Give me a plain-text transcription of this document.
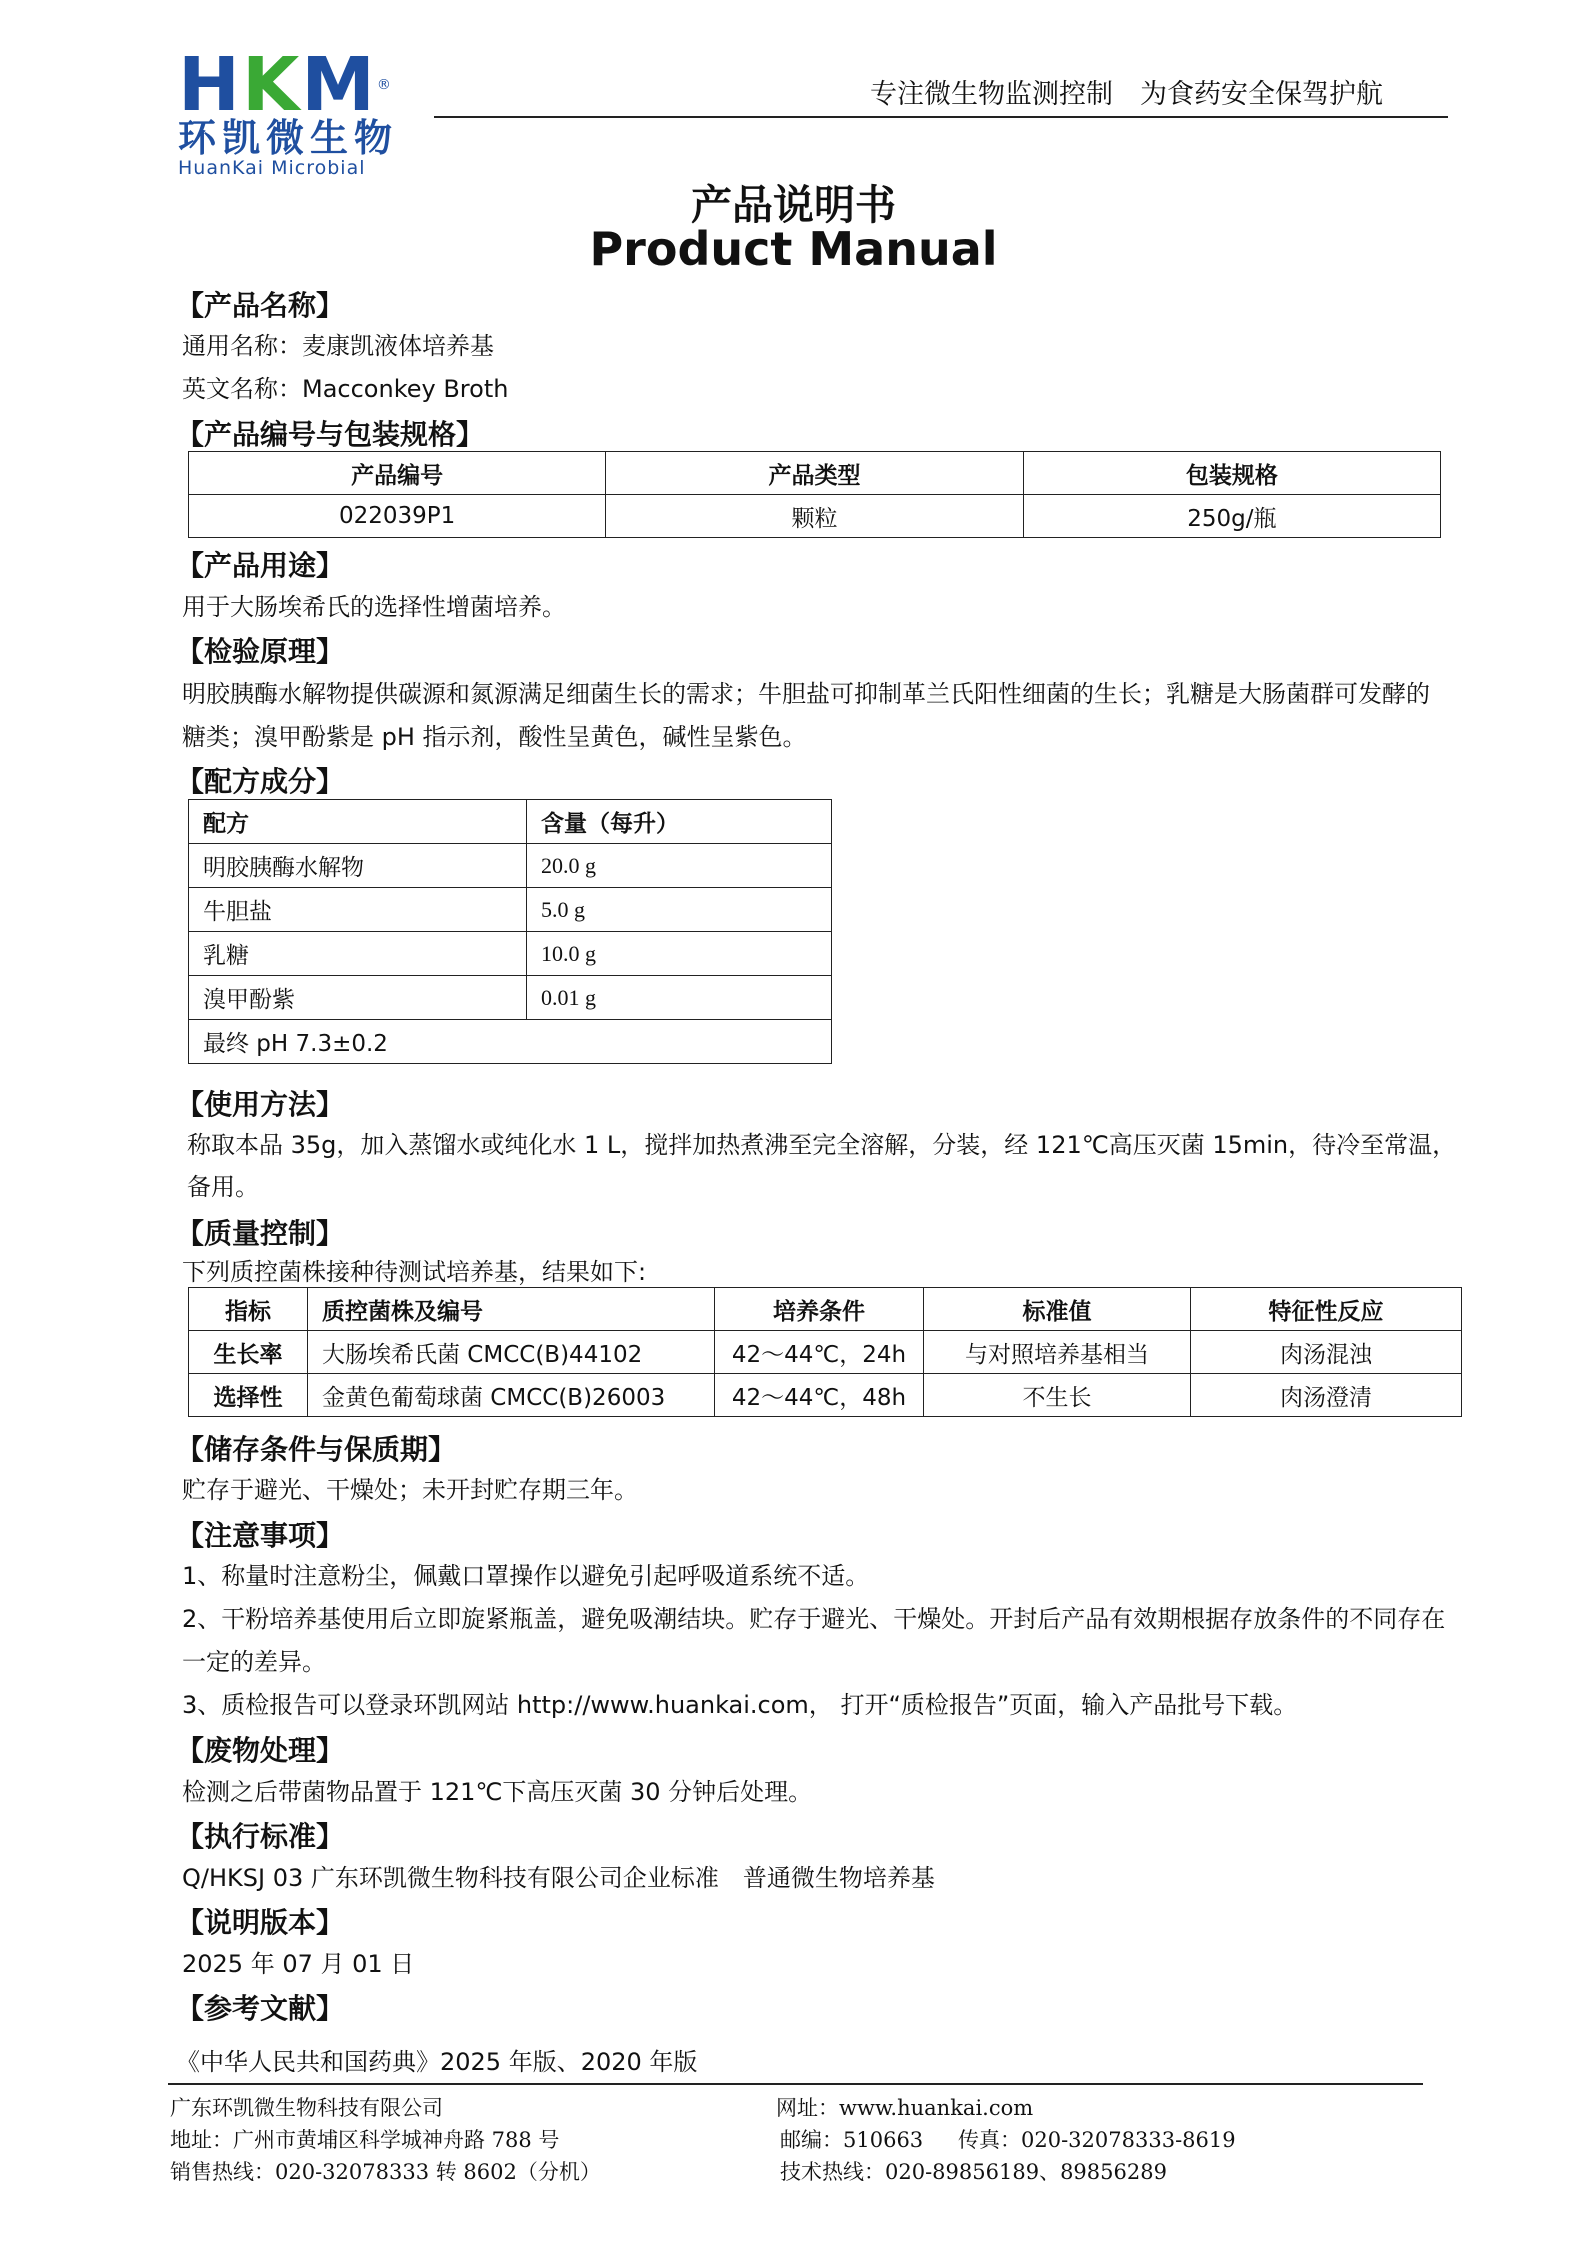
HKM®
环凯微生物
HuanKai Microbial
专注微生物监测控制　为食药安全保驾护航
产品说明书
Product Manual
【产品名称】
通用名称：麦康凯液体培养基
英文名称：Macconkey Broth
【产品编号与包装规格】
产品编号	产品类型	包装规格
022039P1	颗粒	250g/瓶
【产品用途】
用于大肠埃希氏的选择性增菌培养。
【检验原理】
明胶胰酶水解物提供碳源和氮源满足细菌生长的需求；牛胆盐可抑制革兰氏阳性细菌的生长；乳糖是大肠菌群可发酵的
糖类；溴甲酚紫是 pH 指示剂，酸性呈黄色，碱性呈紫色。
【配方成分】
配方	含量（每升）
明胶胰酶水解物	20.0 g
牛胆盐	5.0 g
乳糖	10.0 g
溴甲酚紫	0.01 g
最终 pH 7.3±0.2	
【使用方法】
称取本品 35g，加入蒸馏水或纯化水 1 L，搅拌加热煮沸至完全溶解，分装，经 121℃高压灭菌 15min，待冷至常温，
备用。
【质量控制】
下列质控菌株接种待测试培养基，结果如下:
指标	质控菌株及编号	培养条件	标准值	特征性反应
生长率	大肠埃希氏菌 CMCC(B)44102	42～44℃，24h	与对照培养基相当	肉汤混浊
选择性	金黄色葡萄球菌 CMCC(B)26003	42～44℃，48h	不生长	肉汤澄清
【储存条件与保质期】
贮存于避光、干燥处；未开封贮存期三年。
【注意事项】
1、称量时注意粉尘，佩戴口罩操作以避免引起呼吸道系统不适。
2、干粉培养基使用后立即旋紧瓶盖，避免吸潮结块。贮存于避光、干燥处。开封后产品有效期根据存放条件的不同存在
一定的差异。
3、质检报告可以登录环凯网站 http://www.huankai.com， 打开“质检报告”页面，输入产品批号下载。
【废物处理】
检测之后带菌物品置于 121℃下高压灭菌 30 分钟后处理。
【执行标准】
Q/HKSJ 03 广东环凯微生物科技有限公司企业标准　普通微生物培养基
【说明版本】
2025 年 07 月 01 日
【参考文献】
《中华人民共和国药典》2025 年版、2020 年版
广东环凯微生物科技有限公司
地址：广州市黄埔区科学城神舟路 788 号
销售热线：020-32078333 转 8602（分机）
网址：www.huankai.com
邮编：510663 传真：020-32078333-8619
技术热线：020-89856189、89856289
